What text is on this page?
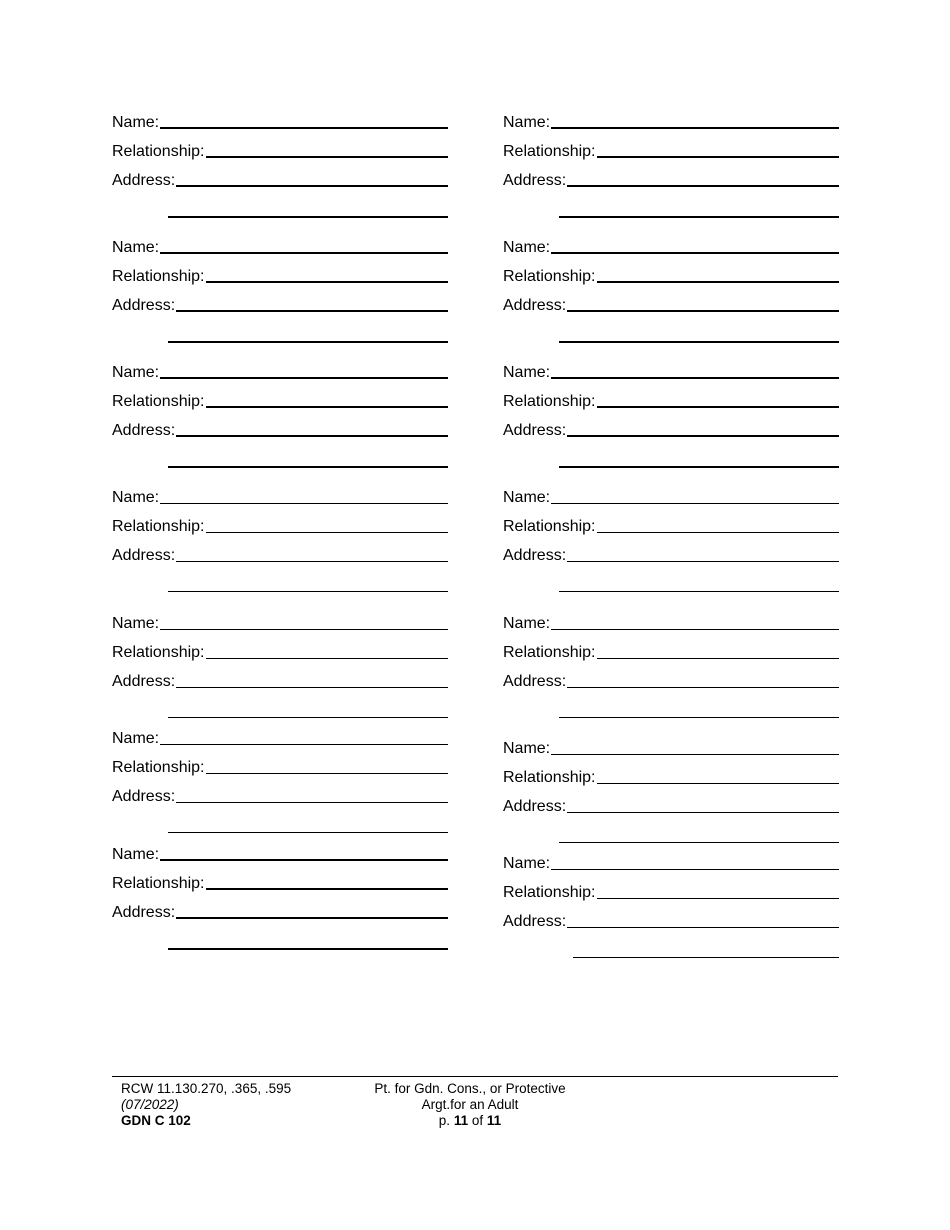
Name:
Relationship:
Address:
Name:
Relationship:
Address:
Name:
Relationship:
Address:
Name:
Relationship:
Address:
Name:
Relationship:
Address:
Name:
Relationship:
Address:
Name:
Relationship:
Address:
Name:
Relationship:
Address:
Name:
Relationship:
Address:
Name:
Relationship:
Address:
Name:
Relationship:
Address:
Name:
Relationship:
Address:
Name:
Relationship:
Address:
Name:
Relationship:
Address:
RCW 11.130.270, .365, .595
(07/2022)
GDN C 102
Pt. for Gdn. Cons., or Protective
Argt.for an Adult
p. 11 of 11
